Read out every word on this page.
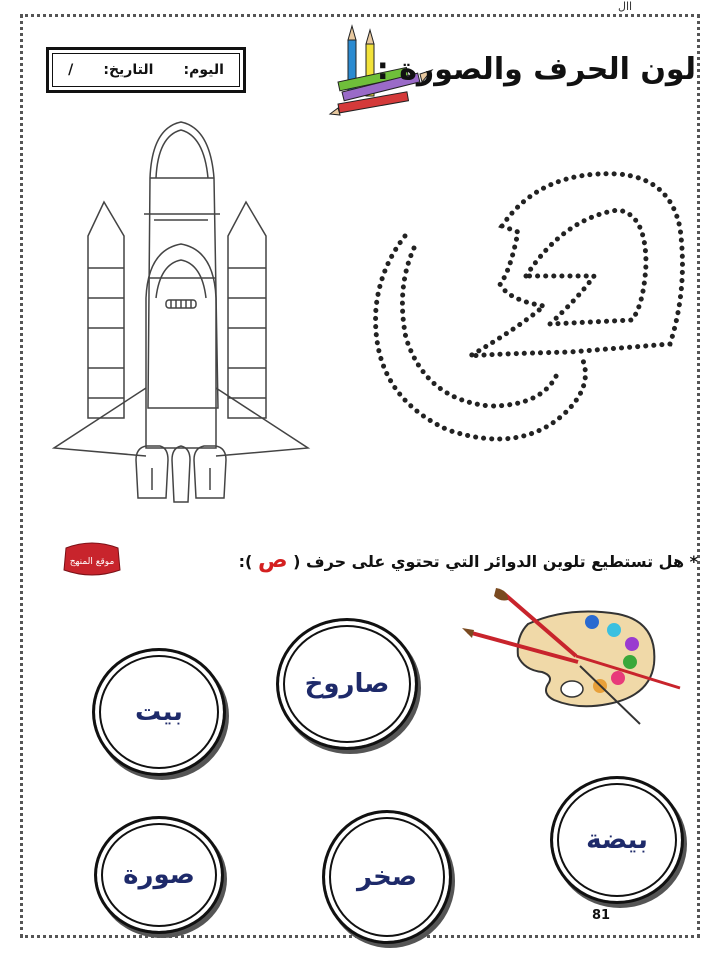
اال
اليوم:
التاريخ:
/	لون الحرف والصورة :
* هل تستطيع تلوين الدوائر التي تحتوي على حرف ( ص ):
موقع المنهج
بيت
صاروخ
صورة	صخر
بيضة
81
